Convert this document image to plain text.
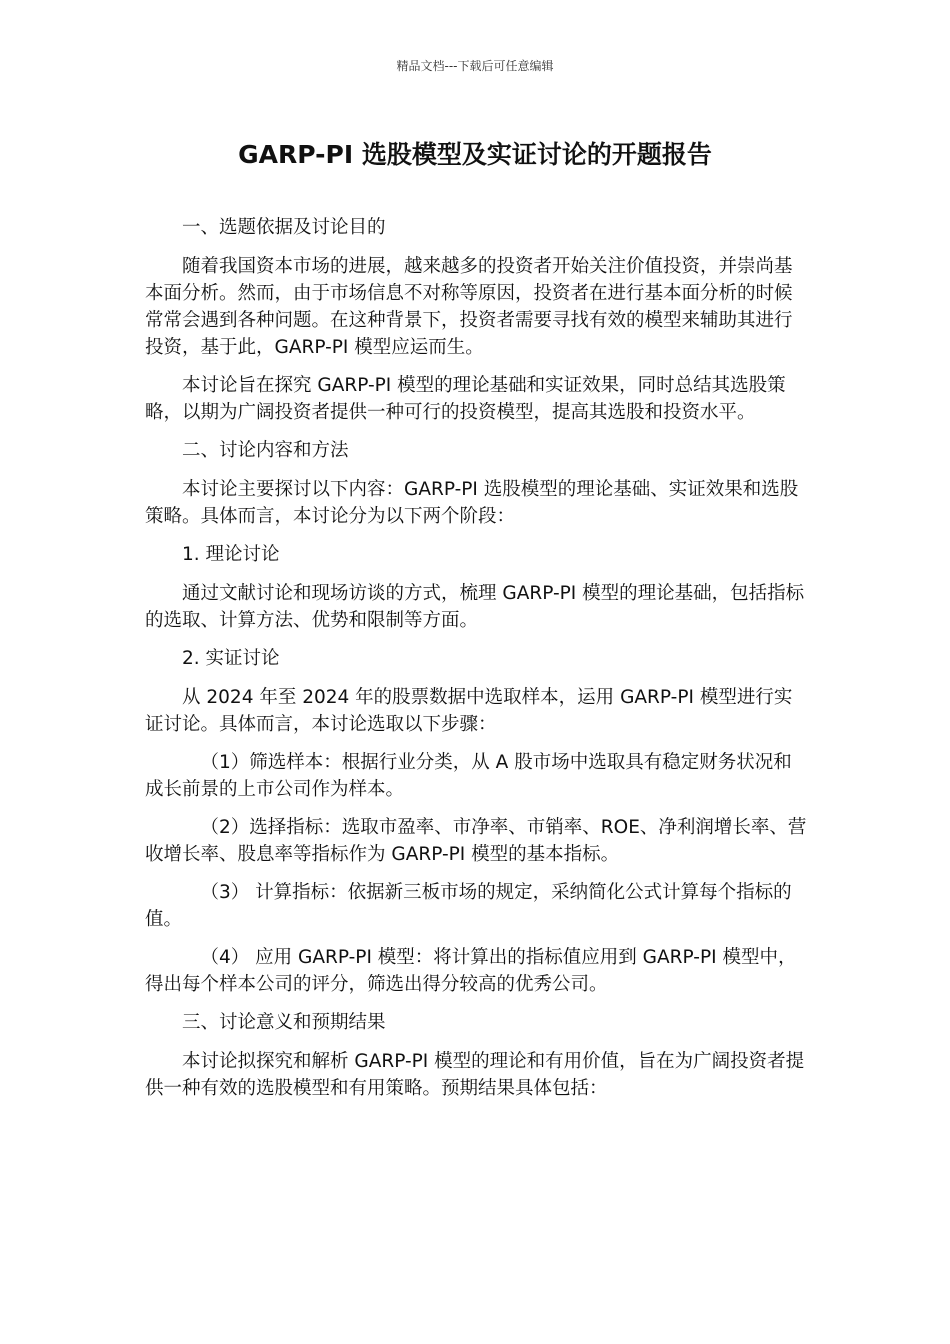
精品文档---下载后可任意编辑
GARP-PI 选股模型及实证讨论的开题报告

一、选题依据及讨论目的

随着我国资本市场的进展，越来越多的投资者开始关注价值投资，并崇尚基本面分析。然而，由于市场信息不对称等原因，投资者在进行基本面分析的时候常常会遇到各种问题。在这种背景下，投资者需要寻找有效的模型来辅助其进行投资，基于此，GARP-PI 模型应运而生。

本讨论旨在探究 GARP-PI 模型的理论基础和实证效果，同时总结其选股策略，以期为广阔投资者提供一种可行的投资模型，提高其选股和投资水平。

二、讨论内容和方法

本讨论主要探讨以下内容：GARP-PI 选股模型的理论基础、实证效果和选股策略。具体而言，本讨论分为以下两个阶段：

1. 理论讨论

通过文献讨论和现场访谈的方式，梳理 GARP-PI 模型的理论基础，包括指标的选取、计算方法、优势和限制等方面。

2. 实证讨论

从 2024 年至 2024 年的股票数据中选取样本，运用 GARP-PI 模型进行实证讨论。具体而言，本讨论选取以下步骤：

（1）筛选样本：根据行业分类，从 A 股市场中选取具有稳定财务状况和成长前景的上市公司作为样本。

（2）选择指标：选取市盈率、市净率、市销率、ROE、净利润增长率、营收增长率、股息率等指标作为 GARP-PI 模型的基本指标。

（3） 计算指标：依据新三板市场的规定，采纳简化公式计算每个指标的值。

（4） 应用 GARP-PI 模型：将计算出的指标值应用到 GARP-PI 模型中，得出每个样本公司的评分，筛选出得分较高的优秀公司。

三、讨论意义和预期结果

本讨论拟探究和解析 GARP-PI 模型的理论和有用价值，旨在为广阔投资者提供一种有效的选股模型和有用策略。预期结果具体包括：
